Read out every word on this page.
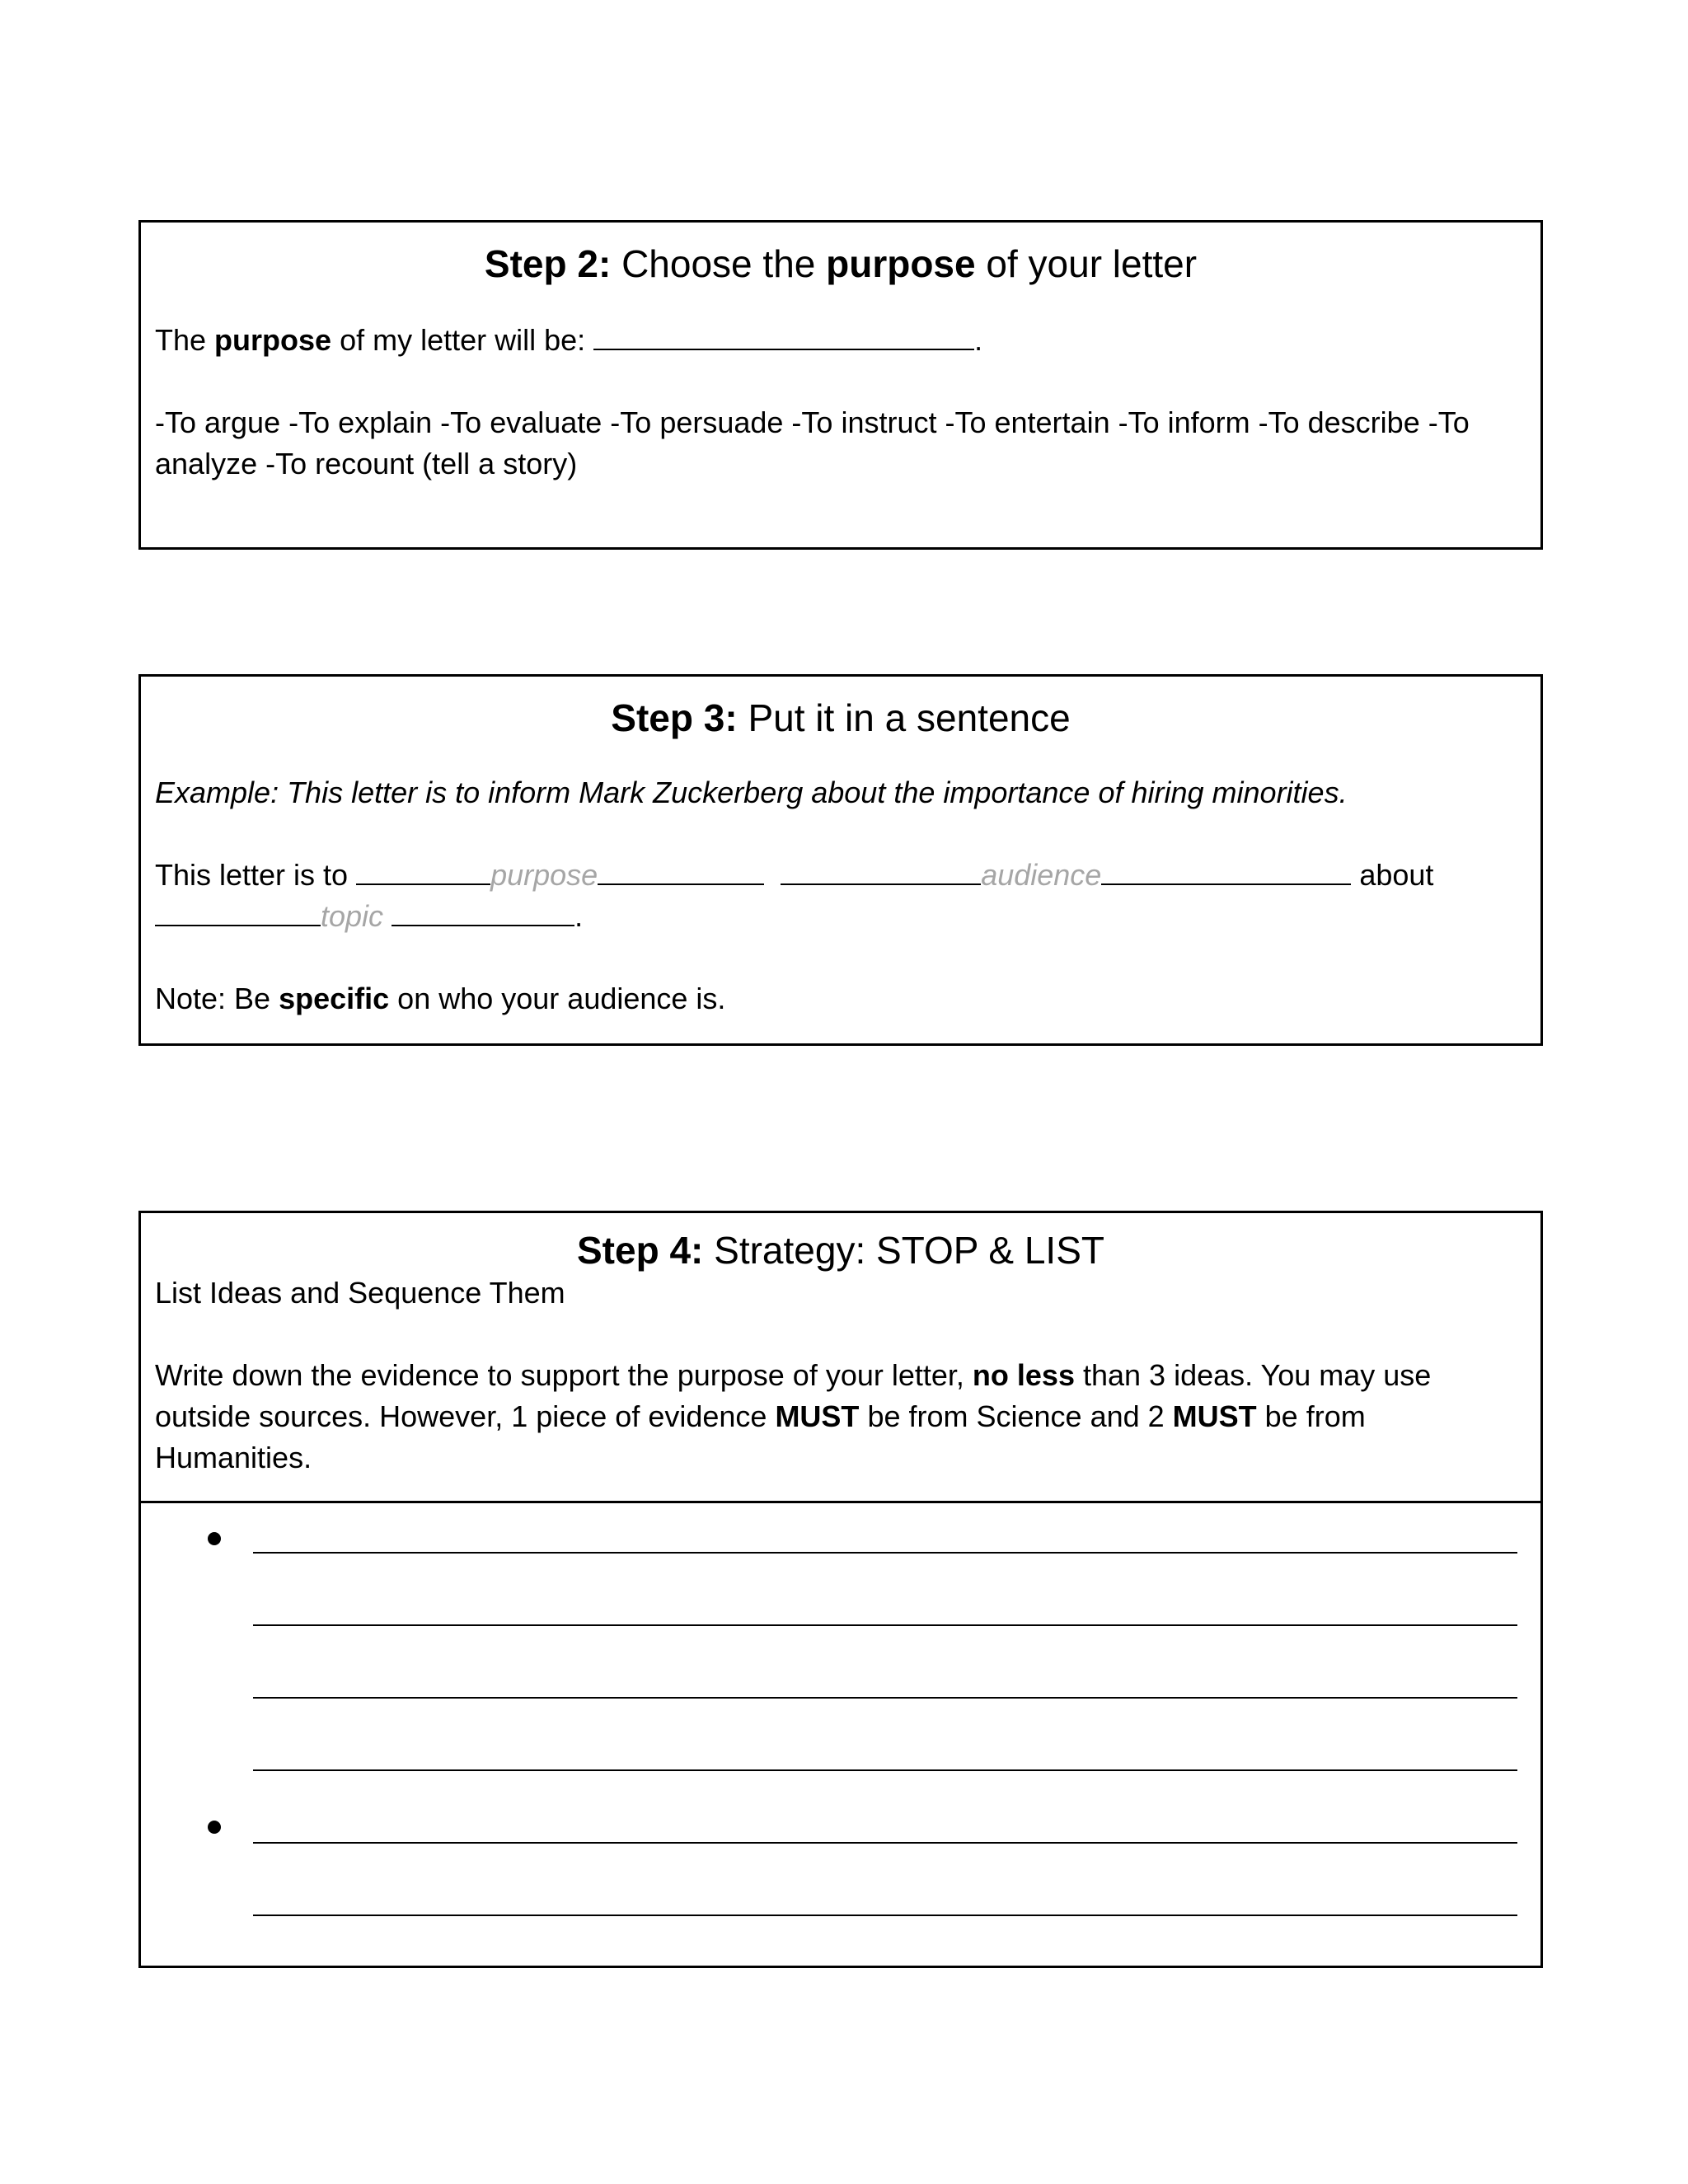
Step 2: Choose the purpose of your letter
The purpose of my letter will be:	.
-To argue -To explain -To evaluate -To persuade -To instruct -To entertain -To inform -To describe -To analyze -To recount (tell a story)
Step 3: Put it in a sentence
Example: This letter is to inform Mark Zuckerberg about the importance of hiring minorities.
This letter is to	purpose	audience	about
topic	.
Note: Be specific on who your audience is.
Step 4: Strategy: STOP & LIST
List Ideas and Sequence Them
Write down the evidence to support the purpose of your letter, no less than 3 ideas. You may use outside sources. However, 1 piece of evidence MUST be from Science and 2 MUST be from Humanities.
